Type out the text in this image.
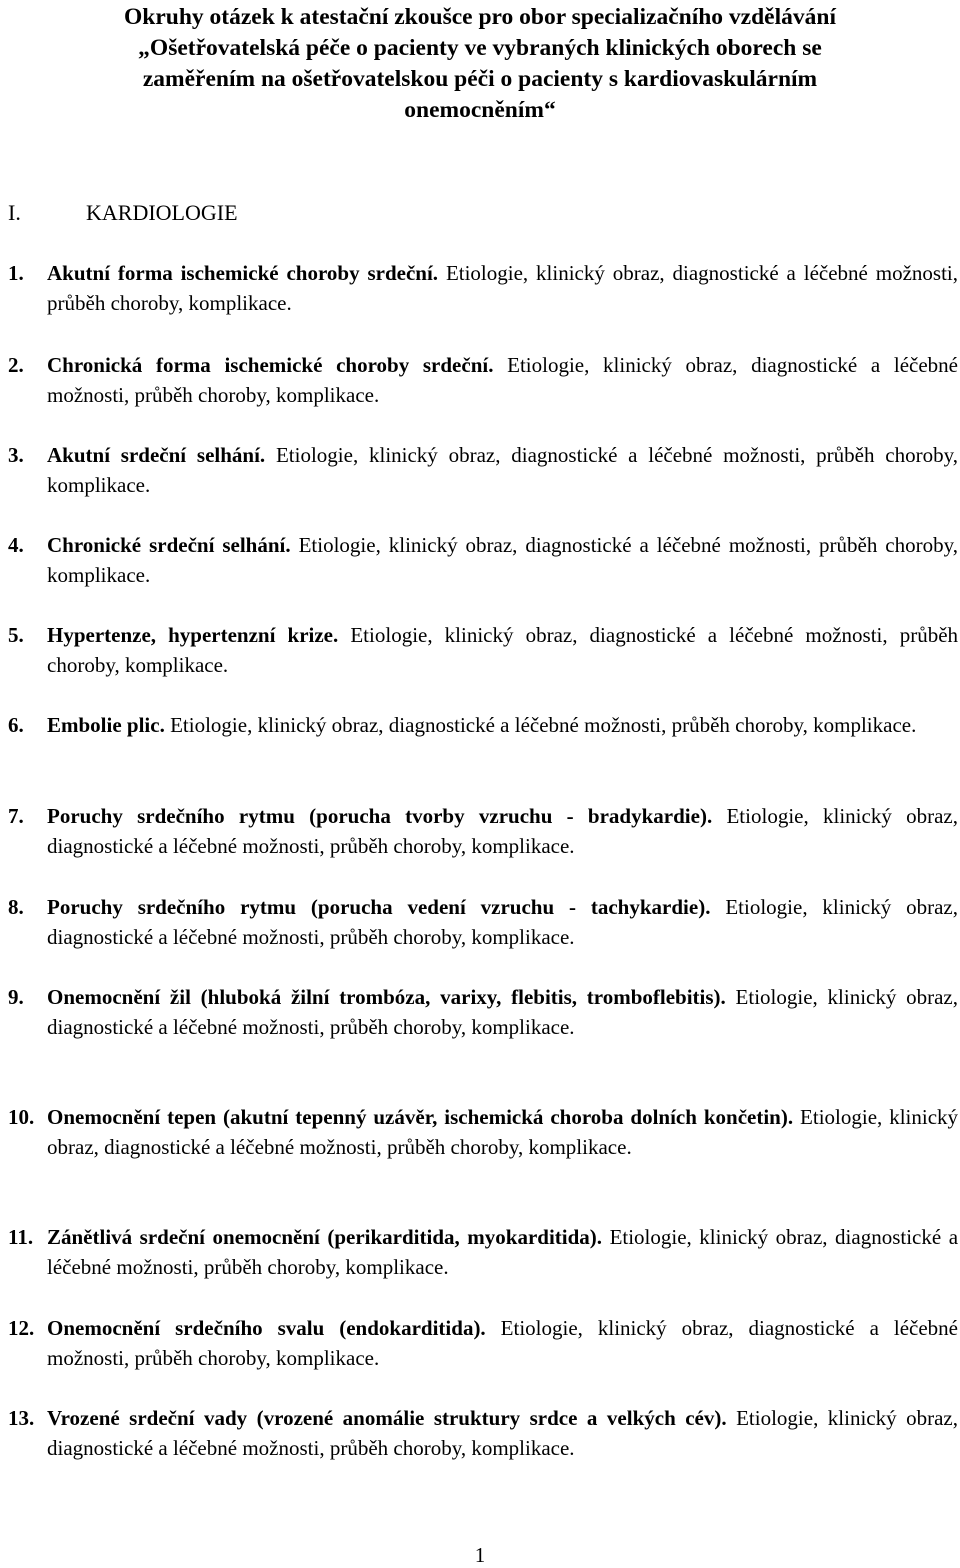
Okruhy otázek k atestační zkoušce pro obor specializačního vzdělávání
„Ošetřovatelská péče o pacienty ve vybraných klinických oborech se
zaměřením na ošetřovatelskou péči o pacienty s kardiovaskulárním
onemocněním“
I.	KARDIOLOGIE
1.	Akutní forma ischemické choroby srdeční. Etiologie, klinický obraz, diagnostické a léčebné možnosti, průběh choroby, komplikace.
2.	Chronická forma ischemické choroby srdeční. Etiologie, klinický obraz, diagnostické a léčebné možnosti, průběh choroby, komplikace.
3.	Akutní srdeční selhání. Etiologie, klinický obraz, diagnostické a léčebné možnosti, průběh choroby, komplikace.
4.	Chronické srdeční selhání. Etiologie, klinický obraz, diagnostické a léčebné možnosti, průběh choroby, komplikace.
5.	Hypertenze, hypertenzní krize. Etiologie, klinický obraz, diagnostické a léčebné možnosti, průběh choroby, komplikace.
6.	Embolie plic. Etiologie, klinický obraz, diagnostické a léčebné možnosti, průběh choroby, komplikace.
7.	Poruchy srdečního rytmu (porucha tvorby vzruchu - bradykardie). Etiologie, klinický obraz, diagnostické a léčebné možnosti, průběh choroby, komplikace.
8.	Poruchy srdečního rytmu (porucha vedení vzruchu - tachykardie). Etiologie, klinický obraz, diagnostické a léčebné možnosti, průběh choroby, komplikace.
9.	Onemocnění žil (hluboká žilní trombóza, varixy, flebitis, tromboflebitis). Etiologie, klinický obraz, diagnostické a léčebné možnosti, průběh choroby, komplikace.
10. Onemocnění tepen (akutní tepenný uzávěr, ischemická choroba dolních končetin). Etiologie, klinický obraz, diagnostické a léčebné možnosti, průběh choroby, komplikace.
11. Zánětlivá srdeční onemocnění (perikarditida, myokarditida). Etiologie, klinický obraz, diagnostické a léčebné možnosti, průběh choroby, komplikace.
12. Onemocnění srdečního svalu (endokarditida). Etiologie, klinický obraz, diagnostické a léčebné možnosti, průběh choroby, komplikace.
13. Vrozené srdeční vady (vrozené anomálie struktury srdce a velkých cév). Etiologie, klinický obraz, diagnostické a léčebné možnosti, průběh choroby, komplikace.
1
